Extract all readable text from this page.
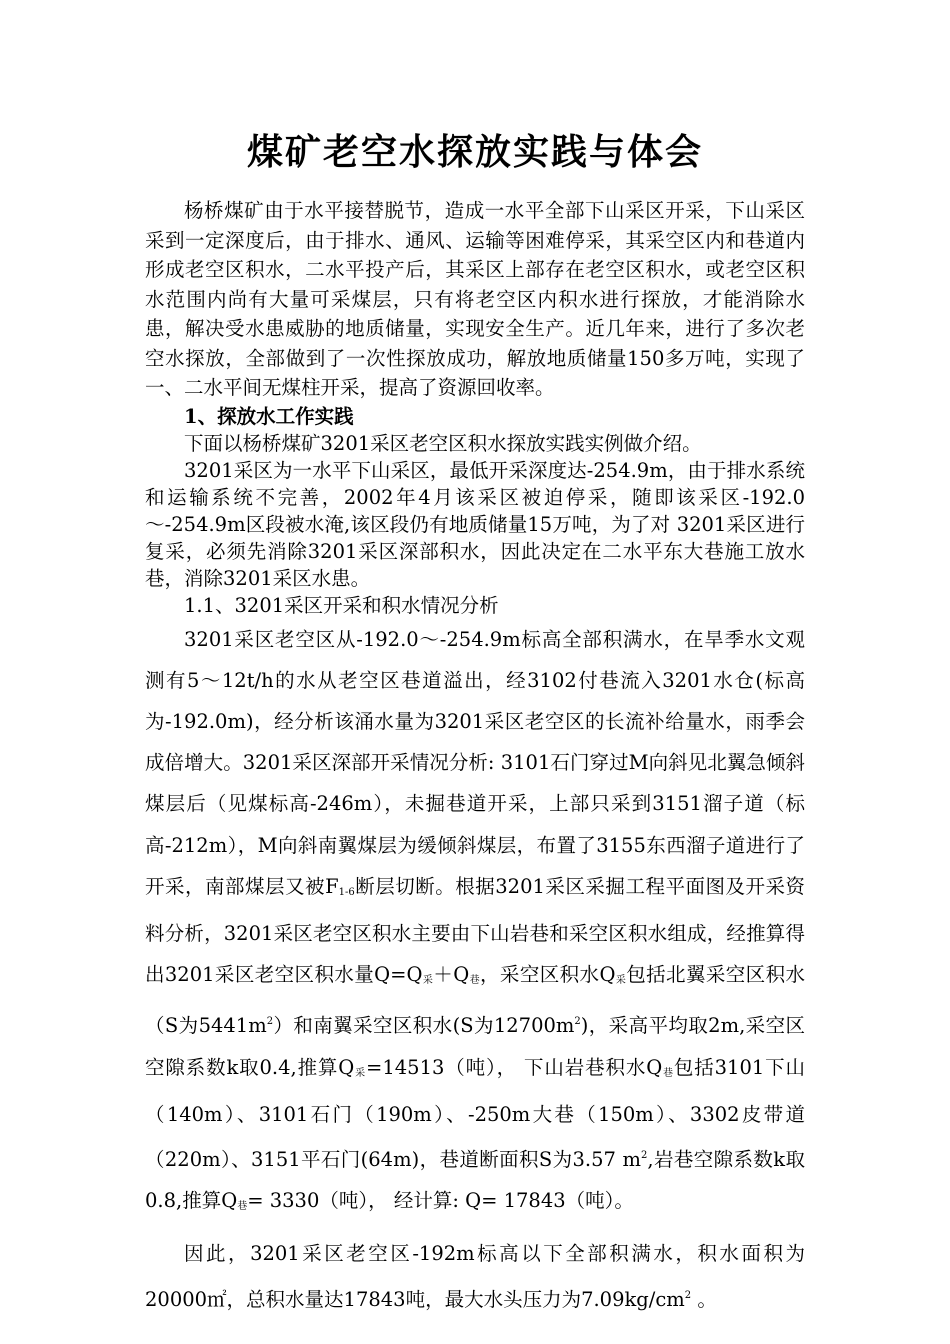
煤矿老空水探放实践与体会

杨桥煤矿由于水平接替脱节，造成一水平全部下山采区开采，下山采区采到一定深度后，由于排水、通风、运输等困难停采，其采空区内和巷道内形成老空区积水，二水平投产后，其采区上部存在老空区积水，或老空区积水范围内尚有大量可采煤层，只有将老空区内积水进行探放，才能消除水患，解决受水患威胁的地质储量，实现安全生产。近几年来，进行了多次老空水探放，全部做到了一次性探放成功，解放地质储量150多万吨，实现了一、二水平间无煤柱开采，提高了资源回收率。

1、探放水工作实践

下面以杨桥煤矿3201采区老空区积水探放实践实例做介绍。

3201采区为一水平下山采区，最低开采深度达-254.9m，由于排水系统和运输系统不完善，2002年4月该采区被迫停采，随即该采区-192.0～-254.9m区段被水淹,该区段仍有地质储量15万吨，为了对 3201采区进行复采，必须先消除3201采区深部积水，因此决定在二水平东大巷施工放水巷，消除3201采区水患。

1.1、3201采区开采和积水情况分析

3201采区老空区从-192.0～-254.9m标高全部积满水，在旱季水文观测有5～12t/h的水从老空区巷道溢出，经3102付巷流入3201水仓(标高为-192.0m)，经分析该涌水量为3201采区老空区的长流补给量水，雨季会成倍增大。3201采区深部开采情况分析: 3101石门穿过M向斜见北翼急倾斜煤层后（见煤标高-246m），未掘巷道开采，上部只采到3151溜子道（标高-212m），M向斜南翼煤层为缓倾斜煤层，布置了3155东西溜子道进行了开采，南部煤层又被$F_{1-6}$断层切断。根据3201采区采掘工程平面图及开采资料分析，3201采区老空区积水主要由下山岩巷和采空区积水组成，经推算得出3201采区老空区积水量$Q=Q_采+Q_巷$，采空区积水$Q_采$包括北翼采空区积水（S为$5441m^2$）和南翼采空区积水(S为$12700m^2$)，采高平均取2m,采空区空隙系数k取0.4,推算$Q_采=14513$（吨）， 下山岩巷积水$Q_巷$包括3101下山（140m）、3101石门（190m）、-250m大巷（150m）、3302皮带道（220m）、3151平石门(64m)，巷道断面积S为3.57 $m^2$,岩巷空隙系数k取0.8,推算$Q_巷= 3330$（吨）， 经计算: Q= 17843（吨）。

因此，3201采区老空区-192m标高以下全部积满水，积水面积为20000㎡，总积水量达17843吨，最大水头压力为$7.09kg/cm^2$ 。
